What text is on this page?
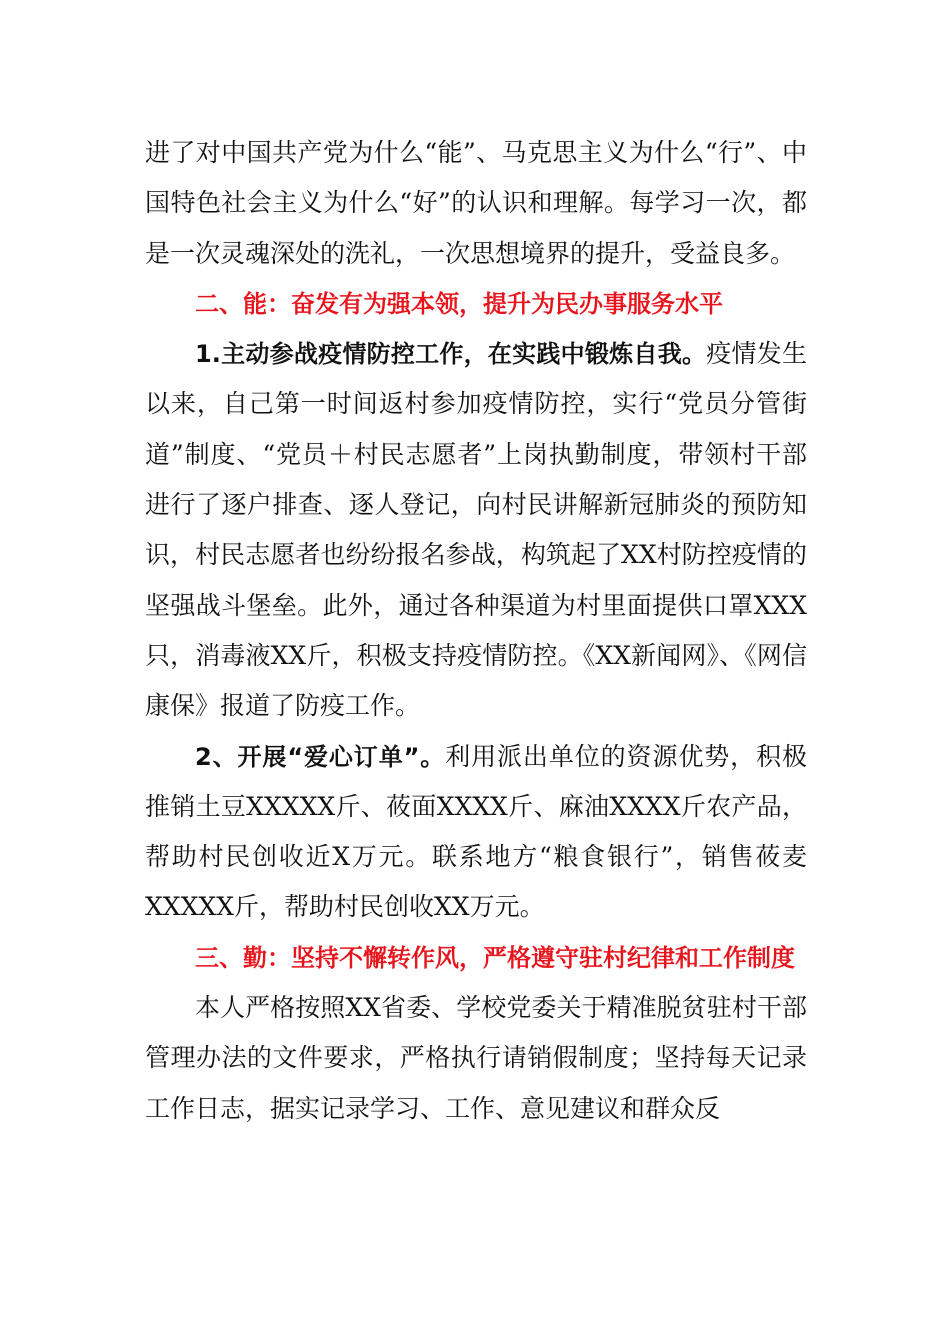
进了对中国共产党为什么“能”、马克思主义为什么“行”、中国特色社会主义为什么“好”的认识和理解。每学习一次，都是一次灵魂深处的洗礼，一次思想境界的提升，受益良多。

二、能：奋发有为强本领，提升为民办事服务水平

1.主动参战疫情防控工作，在实践中锻炼自我。疫情发生以来，自己第一时间返村参加疫情防控，实行“党员分管街道”制度、“党员＋村民志愿者”上岗执勤制度，带领村干部进行了逐户排查、逐人登记，向村民讲解新冠肺炎的预防知识，村民志愿者也纷纷报名参战，构筑起了XX村防控疫情的坚强战斗堡垒。此外，通过各种渠道为村里面提供口罩XXX只，消毒液XX斤，积极支持疫情防控。《XX新闻网》、《网信康保》报道了防疫工作。

2、开展“爱心订单”。利用派出单位的资源优势，积极推销土豆XXXXX斤、莜面XXXX斤、麻油XXXX斤农产品，帮助村民创收近X万元。联系地方“粮食银行”，销售莜麦XXXXX斤，帮助村民创收XX万元。

三、勤：坚持不懈转作风，严格遵守驻村纪律和工作制度

本人严格按照XX省委、学校党委关于精准脱贫驻村干部管理办法的文件要求，严格执行请销假制度；坚持每天记录工作日志，据实记录学习、工作、意见建议和群众反
